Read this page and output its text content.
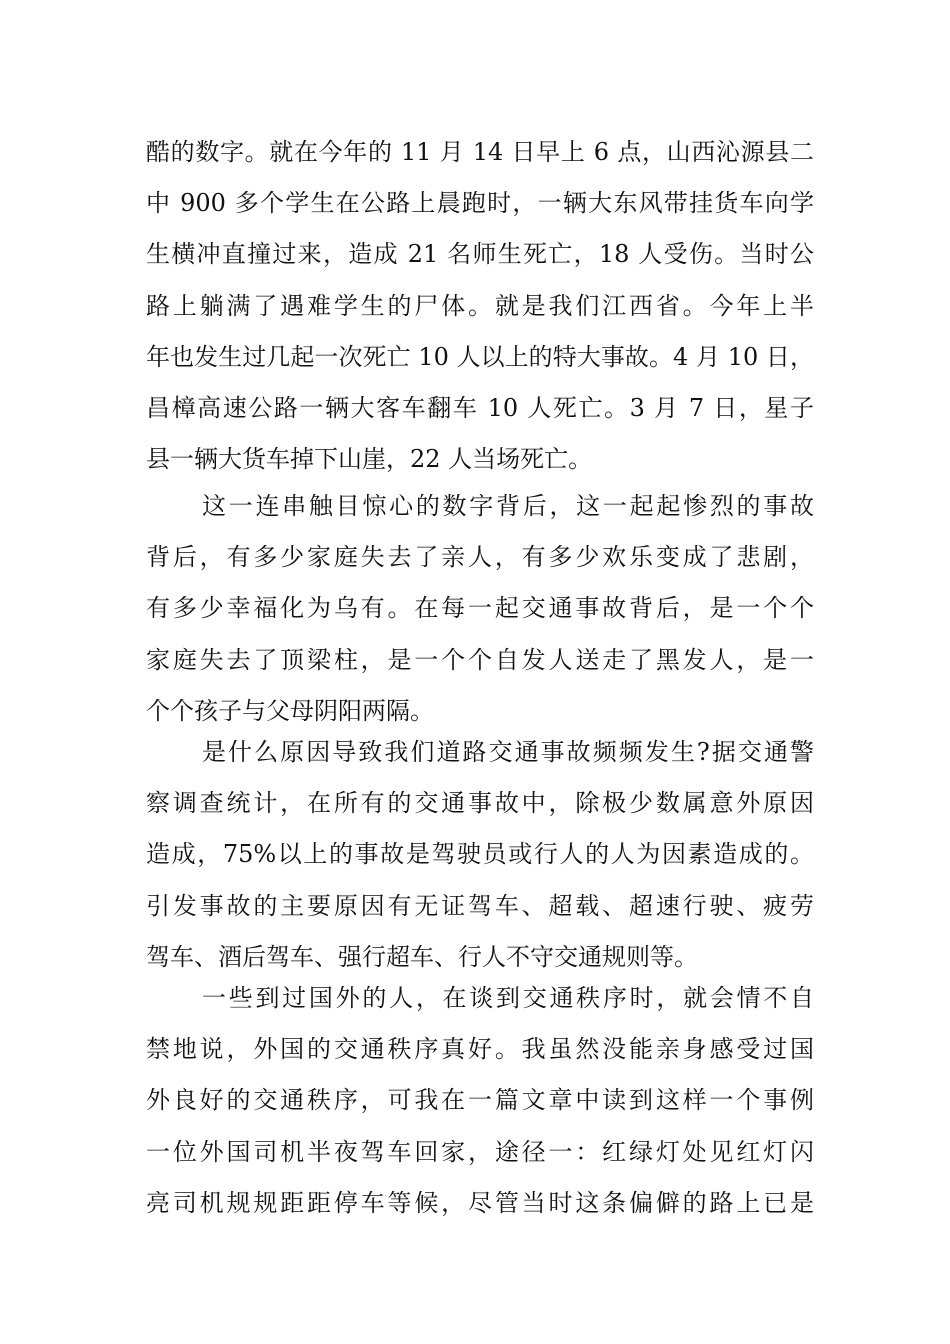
酷的数字。就在今年的 11 月 14 日早上 6 点，山西沁源县二
中 900 多个学生在公路上晨跑时，一辆大东风带挂货车向学
生横冲直撞过来，造成 21 名师生死亡，18 人受伤。当时公
路上躺满了遇难学生的尸体。就是我们江西省。今年上半
年也发生过几起一次死亡 10 人以上的特大事故。4 月 10 日，
昌樟高速公路一辆大客车翻车 10 人死亡。3 月 7 日，星子
县一辆大货车掉下山崖，22 人当场死亡。
这一连串触目惊心的数字背后，这一起起惨烈的事故
背后，有多少家庭失去了亲人，有多少欢乐变成了悲剧，
有多少幸福化为乌有。在每一起交通事故背后，是一个个
家庭失去了顶梁柱，是一个个自发人送走了黑发人，是一
个个孩子与父母阴阳两隔。
是什么原因导致我们道路交通事故频频发生?据交通警
察调查统计，在所有的交通事故中，除极少数属意外原因
造成，75%以上的事故是驾驶员或行人的人为因素造成的。
引发事故的主要原因有无证驾车、超载、超速行驶、疲劳
驾车、酒后驾车、强行超车、行人不守交通规则等。
一些到过国外的人，在谈到交通秩序时，就会情不自
禁地说，外国的交通秩序真好。我虽然没能亲身感受过国
外良好的交通秩序，可我在一篇文章中读到这样一个事例
一位外国司机半夜驾车回家，途径一：红绿灯处见红灯闪
亮司机规规距距停车等候，尽管当时这条偏僻的路上已是
